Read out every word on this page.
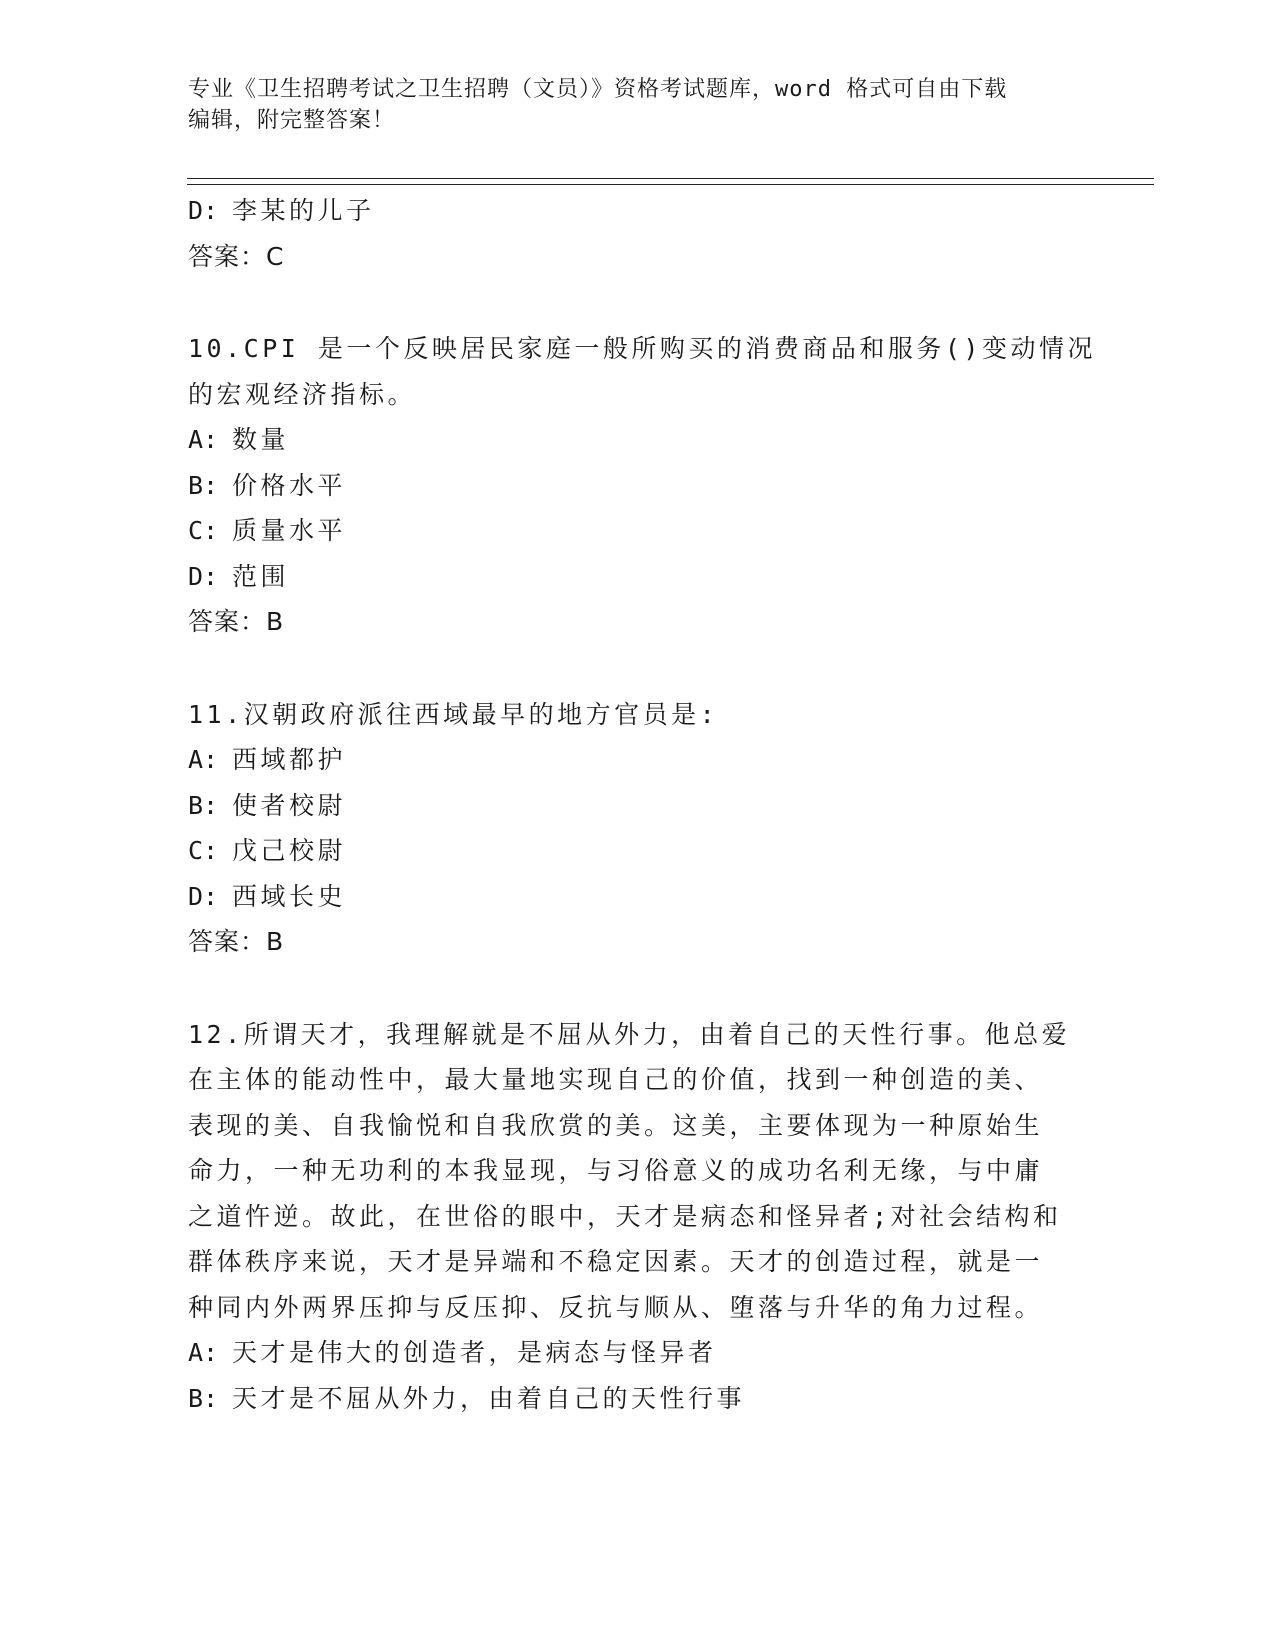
专业《卫生招聘考试之卫生招聘（文员）》资格考试题库，word 格式可自由下载
编辑，附完整答案！
D: 李某的儿子
答案：C
10.CPI 是一个反映居民家庭一般所购买的消费商品和服务()变动情况
的宏观经济指标。
A: 数量
B: 价格水平
C: 质量水平
D: 范围
答案：B
11.汉朝政府派往西域最早的地方官员是:
A: 西域都护
B: 使者校尉
C: 戊己校尉
D: 西域长史
答案：B
12.所谓天才，我理解就是不屈从外力，由着自己的天性行事。他总爱
在主体的能动性中，最大量地实现自己的价值，找到一种创造的美、
表现的美、自我愉悦和自我欣赏的美。这美，主要体现为一种原始生
命力，一种无功利的本我显现，与习俗意义的成功名利无缘，与中庸
之道忤逆。故此，在世俗的眼中，天才是病态和怪异者;对社会结构和
群体秩序来说，天才是异端和不稳定因素。天才的创造过程，就是一
种同内外两界压抑与反压抑、反抗与顺从、堕落与升华的角力过程。
A: 天才是伟大的创造者，是病态与怪异者
B: 天才是不屈从外力，由着自己的天性行事
